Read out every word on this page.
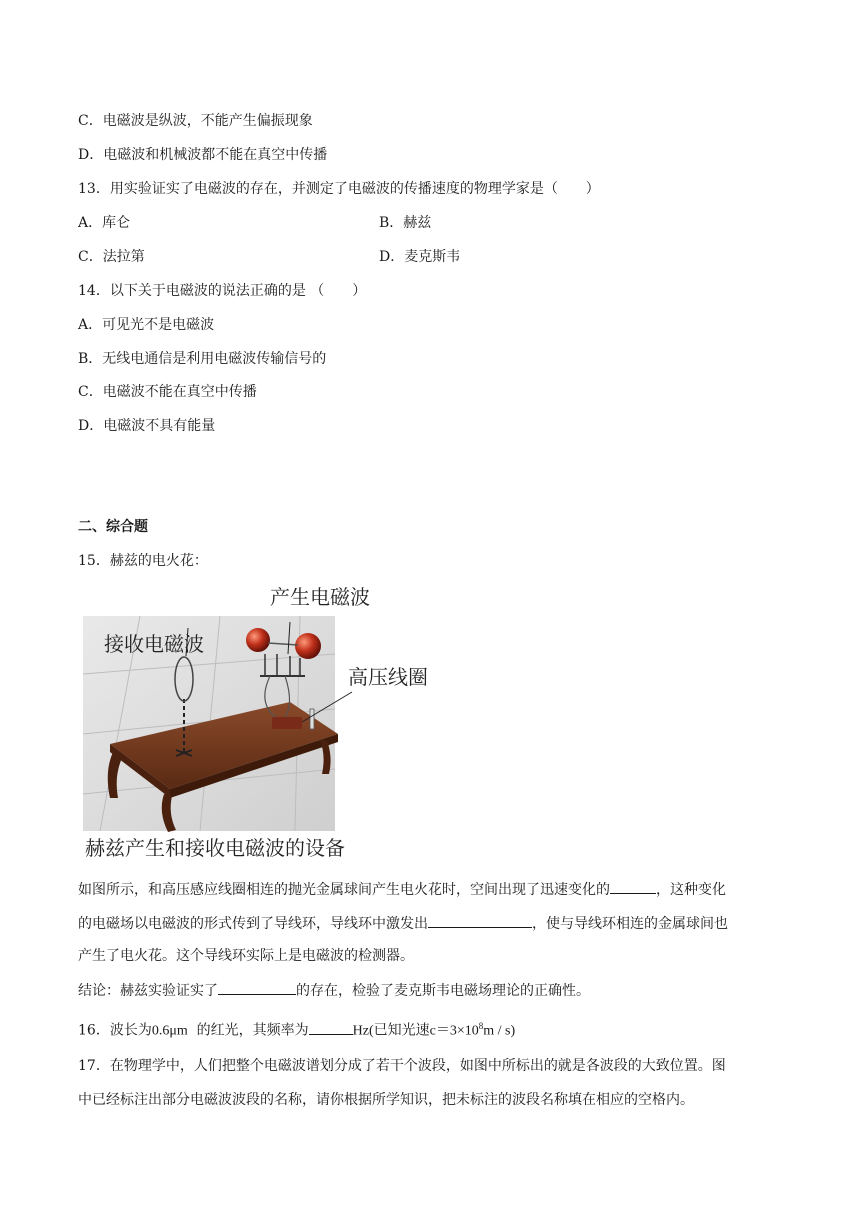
C．电磁波是纵波，不能产生偏振现象
D．电磁波和机械波都不能在真空中传播
13．用实验证实了电磁波的存在，并测定了电磁波的传播速度的物理学家是（　　）
A．库仑	B．赫兹
C．法拉第	D．麦克斯韦
14．以下关于电磁波的说法正确的是 （　　）
A．可见光不是电磁波
B．无线电通信是利用电磁波传输信号的
C．电磁波不能在真空中传播
D．电磁波不具有能量
二、综合题
15．赫兹的电火花：
产生电磁波
接收电磁波
高压线圈
赫兹产生和接收电磁波的设备
如图所示，和高压感应线圈相连的抛光金属球间产生电火花时，空间出现了迅速变化的	，这种变化
的电磁场以电磁波的形式传到了导线环，导线环中激发出	，使与导线环相连的金属球间也
产生了电火花。这个导线环实际上是电磁波的检测器。
结论：赫兹实验证实了	的存在，检验了麦克斯韦电磁场理论的正确性。
16．波长为0.6μm 的红光，其频率为	Hz(已知光速$c=3\times 10^8m / s$)
17．在物理学中，人们把整个电磁波谱划分成了若干个波段，如图中所标出的就是各波段的大致位置。图
中已经标注出部分电磁波波段的名称，请你根据所学知识，把未标注的波段名称填在相应的空格内。
